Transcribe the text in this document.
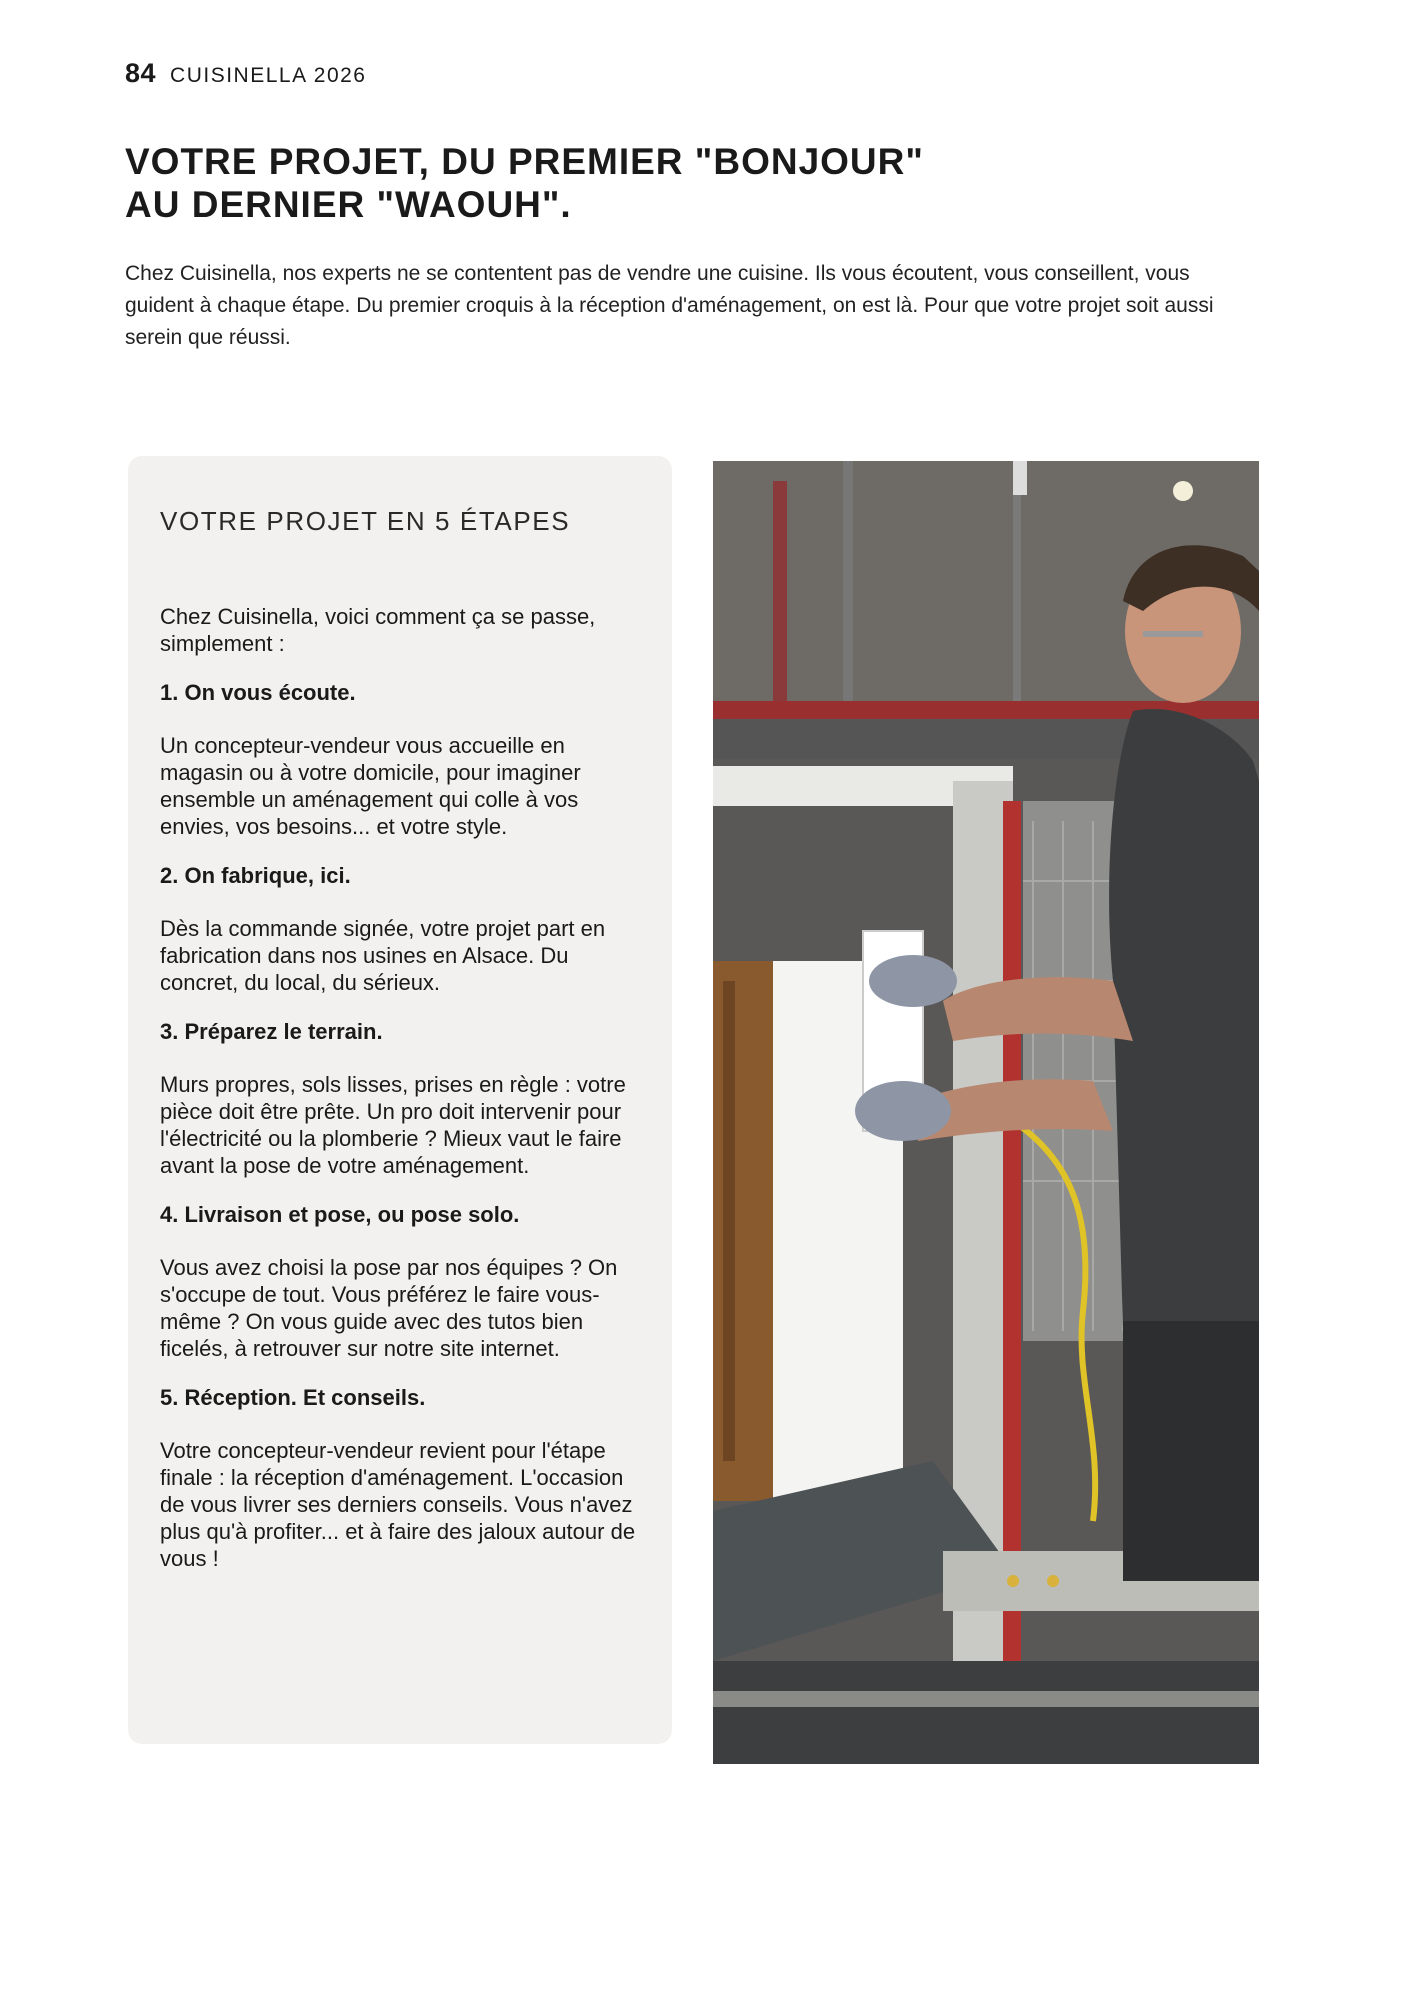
84 CUISINELLA 2026
VOTRE PROJET, DU PREMIER "BONJOUR"
AU DERNIER "WAOUH".

Chez Cuisinella, nos experts ne se contentent pas de vendre une cuisine. Ils vous écoutent, vous conseillent, vous guident à chaque étape. Du premier croquis à la réception d'aménagement, on est là. Pour que votre projet soit aussi serein que réussi.

VOTRE PROJET EN 5 ÉTAPES

Chez Cuisinella, voici comment ça se passe, simplement :

1. On vous écoute.

Un concepteur-vendeur vous accueille en magasin ou à votre domicile, pour imaginer ensemble un aménagement qui colle à vos envies, vos besoins... et votre style.

2. On fabrique, ici.

Dès la commande signée, votre projet part en fabrication dans nos usines en Alsace. Du concret, du local, du sérieux.

3. Préparez le terrain.

Murs propres, sols lisses, prises en règle : votre pièce doit être prête. Un pro doit intervenir pour l'électricité ou la plomberie ? Mieux vaut le faire avant la pose de votre aménagement.

4. Livraison et pose, ou pose solo.

Vous avez choisi la pose par nos équipes ? On s'occupe de tout. Vous préférez le faire vous-même ? On vous guide avec des tutos bien ficelés, à retrouver sur notre site internet.

5. Réception. Et conseils.

Votre concepteur-vendeur revient pour l'étape finale : la réception d'aménagement. L'occasion de vous livrer ses derniers conseils. Vous n'avez plus qu'à profiter... et à faire des jaloux autour de vous !
